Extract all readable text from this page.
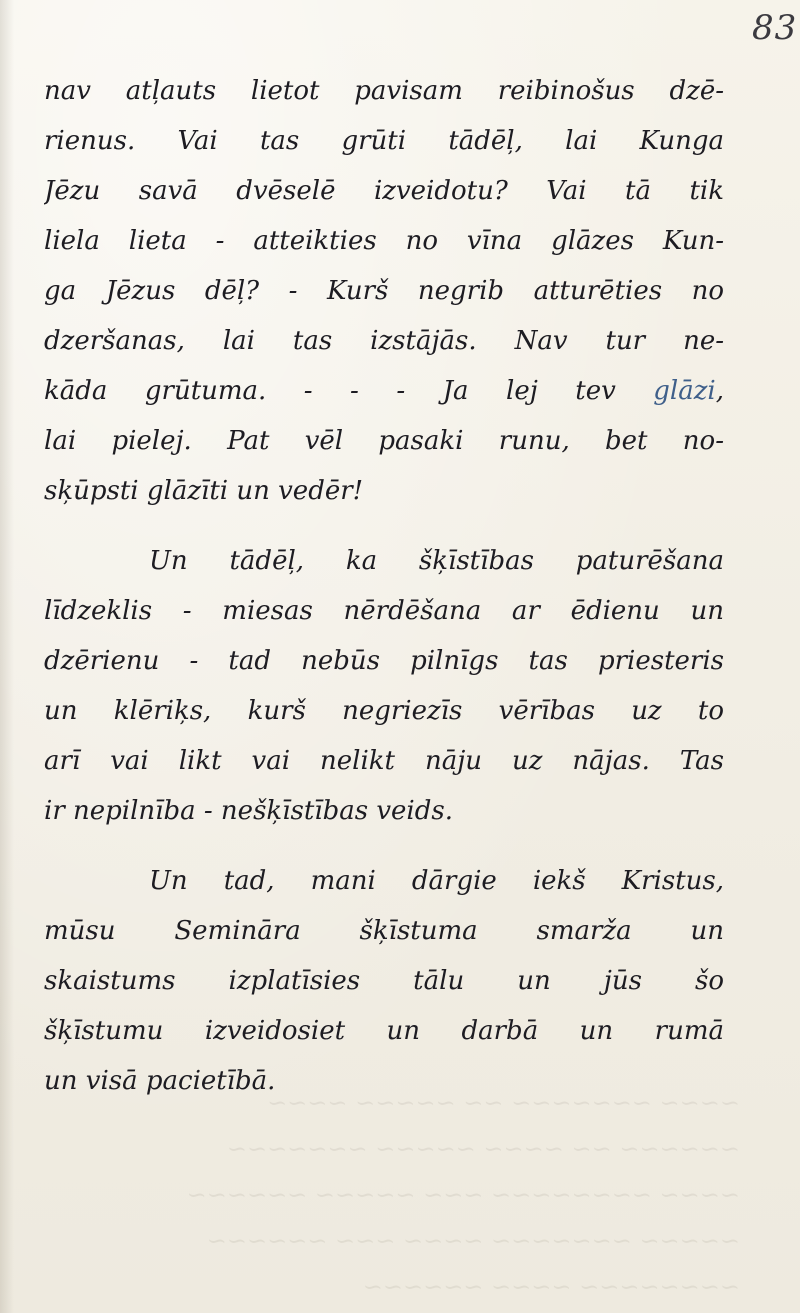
83
~~~~ ~~~~~~~ ~~ ~~~~~ ~~~~
~~~~~~ ~~ ~~~~ ~~~~~ ~~~~~~~
~~~~ ~~~~~~~~ ~~~ ~~~~~ ~~~~~~
~~~~~ ~~~~~~~ ~~~~ ~~~ ~~~~~~
~~~~~~~~ ~~~~ ~~~~~~
nav atļauts lietot pavisam reibinošus dzē-
rienus. Vai tas grūti tādēļ, lai Kunga
Jēzu savā dvēselē izveidotu? Vai tā tik
liela lieta - atteikties no vīna glāzes Kun-
ga Jēzus dēļ? - Kurš negrib atturēties no
dzeršanas, lai tas izstājās. Nav tur ne-
kāda grūtuma. - - - Ja lej tev glāzi,
lai pielej. Pat vēl pasaki runu, bet no-
sķūpsti glāzīti un vedēr!
Un tādēļ, ka šķīstības paturēšana
līdzeklis - miesas nērdēšana ar ēdienu un
dzērienu - tad nebūs pilnīgs tas priesteris
un klēriķs, kurš negriezīs vērības uz to
arī vai likt vai nelikt nāju uz nājas. Tas
ir nepilnība - nešķīstības veids.
Un tad, mani dārgie iekš Kristus,
mūsu Semināra šķīstuma smarža un
skaistums izplatīsies tālu un jūs šo
šķīstumu izveidosiet un darbā un rumā
un visā pacietībā.
